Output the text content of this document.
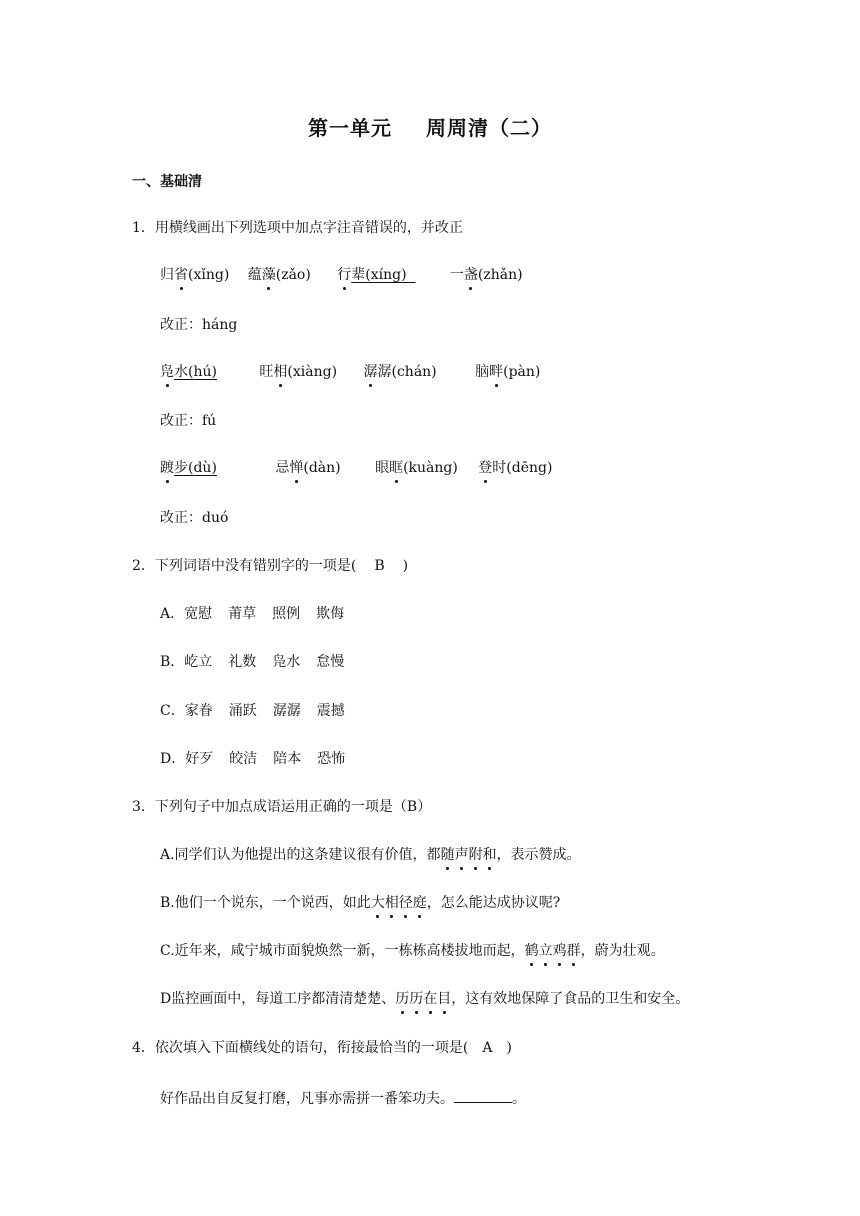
第一单元 周周清（二）
一、基础清
1．用横线画出下列选项中加点字注音错误的，并改正
归省(xǐng) 蕴藻(zǎo) 行辈(xíng)	一盏(zhǎn)
改正：háng
凫水(hú)	旺相(xiàng) 潺潺(chán)	脑畔(pàn)
改正：fú
踱步(dù)	忌惮(dàn) 眼眶(kuàng) 登时(dēng)
改正：duó
2．下列词语中没有错别字的一项是( B )
A．宽慰 莆草 照例 欺侮
B．屹立 礼数 凫水 怠慢
C．家眷 涌跃 潺潺 震撼
D．好歹 皎洁 陪本 恐怖
3．下列句子中加点成语运用正确的一项是（B）
A.同学们认为他提出的这条建议很有价值，都随声附和，表示赞成。
B.他们一个说东，一个说西，如此大相径庭，怎么能达成协议呢?
C.近年来，咸宁城市面貌焕然一新，一栋栋高楼拔地而起，鹤立鸡群，蔚为壮观。
D监控画面中，每道工序都清清楚楚、历历在目，这有效地保障了食品的卫生和安全。
4．依次填入下面横线处的语句，衔接最恰当的一项是( A )
好作品出自反复打磨，凡事亦需拼一番笨功夫。	。
